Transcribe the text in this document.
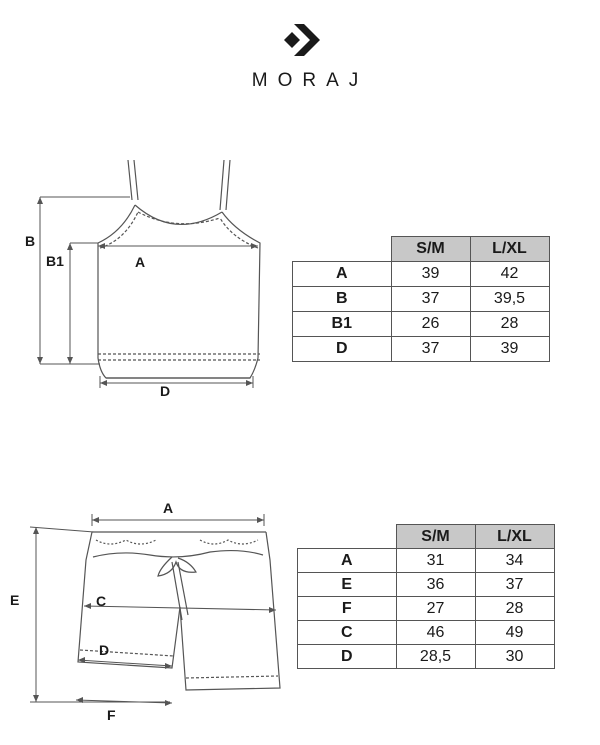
MORAJ
B
B1	A
D
A
E	C
D
F
	S/M	L/XL
A	39	42
B	37	39,5
B1	26	28
D	37	39
	S/M	L/XL
A	31	34
E	36	37
F	27	28
C	46	49
D	28,5	30
